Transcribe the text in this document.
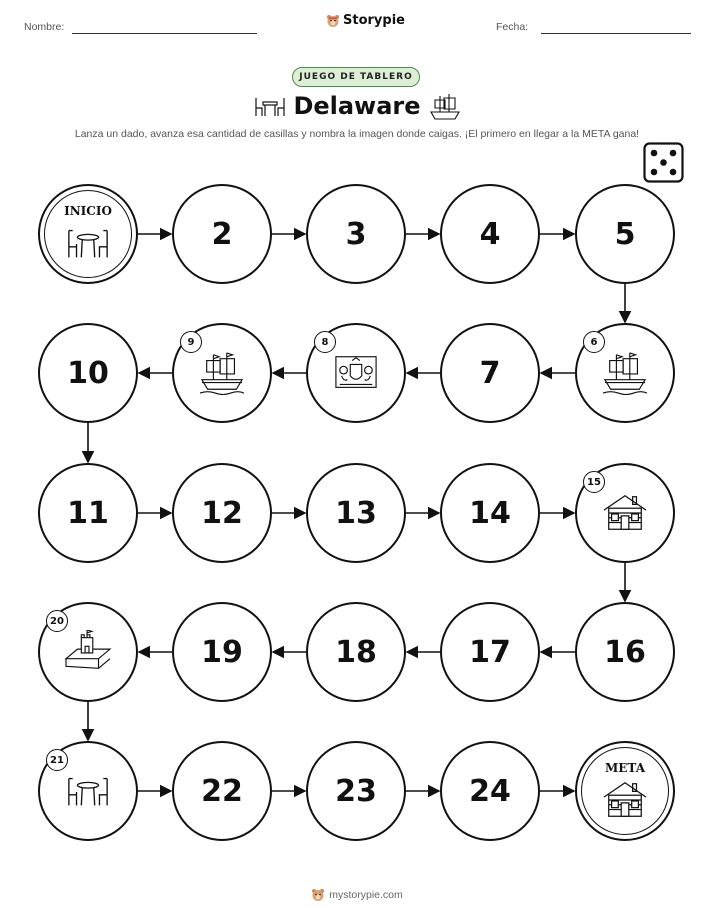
Nombre:	Storypie	Fecha:
JUEGO DE TABLERO
Delaware
Lanza un dado, avanza esa cantidad de casillas y nombra la imagen donde caigas. ¡El primero en llegar a la META gana!
INICIO
2	3	4	5
6
7
8
9
10
11	12	13	14
15
16
17
18
19
20
21
22	23	24
META
mystorypie.com
